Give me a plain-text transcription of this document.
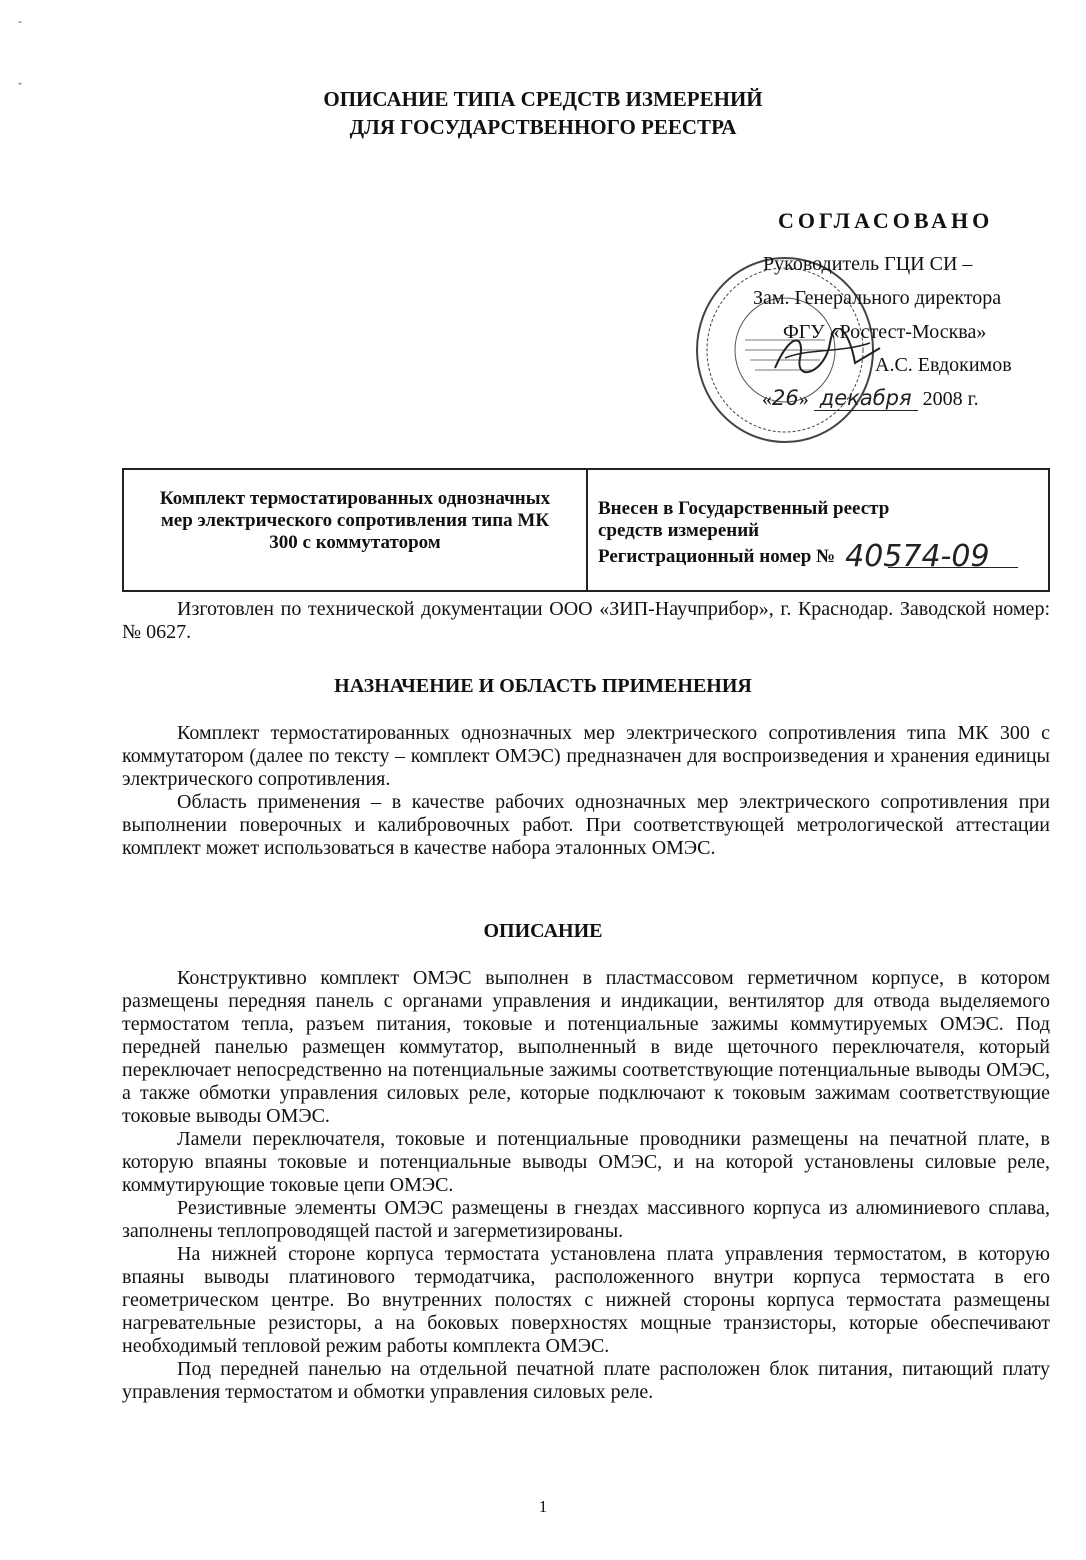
-
ˇ	ОПИСАНИЕ ТИПА СРЕДСТВ ИЗМЕРЕНИЙ
ДЛЯ ГОСУДАРСТВЕННОГО РЕЕСТРА
СОГЛАСОВАНО
Руководитель ГЦИ СИ –
Зам. Генерального директора
ФГУ «Ростест-Москва»
А.С. Евдокимов
«26» декабря 2008 г.
Комплект термостатированных однозначных мер электрического сопротивления типа МК 300 с коммутатором
Внесен в Государственный реестр
средств измерений
Регистрационный номер № 40574-09

Изготовлен по технической документации ООО «ЗИП-Научприбор», г. Краснодар. Заводской номер: № 0627.

НАЗНАЧЕНИЕ И ОБЛАСТЬ ПРИМЕНЕНИЯ

Комплект термостатированных однозначных мер электрического сопротивления типа МК 300 с коммутатором (далее по тексту – комплект ОМЭС) предназначен для воспроизведения и хранения единицы электрического сопротивления.

Область применения – в качестве рабочих однозначных мер электрического сопротивления при выполнении поверочных и калибровочных работ. При соответствующей метрологической аттестации комплект может использоваться в качестве набора эталонных ОМЭС.

ОПИСАНИЕ

Конструктивно комплект ОМЭС выполнен в пластмассовом герметичном корпусе, в котором размещены передняя панель с органами управления и индикации, вентилятор для отвода выделяемого термостатом тепла, разъем питания, токовые и потенциальные зажимы коммутируемых ОМЭС. Под передней панелью размещен коммутатор, выполненный в виде щеточного переключателя, который переключает непосредственно на потенциальные зажимы соответствующие потенциальные выводы ОМЭС, а также обмотки управления силовых реле, которые подключают к токовым зажимам соответствующие токовые выводы ОМЭС.

Ламели переключателя, токовые и потенциальные проводники размещены на печатной плате, в которую впаяны токовые и потенциальные выводы ОМЭС, и на которой установлены силовые реле, коммутирующие токовые цепи ОМЭС.

Резистивные элементы ОМЭС размещены в гнездах массивного корпуса из алюминиевого сплава, заполнены теплопроводящей пастой и загерметизированы.

На нижней стороне корпуса термостата установлена плата управления термостатом, в которую впаяны выводы платинового термодатчика, расположенного внутри корпуса термостата в его геометрическом центре. Во внутренних полостях с нижней стороны корпуса термостата размещены нагревательные резисторы, а на боковых поверхностях мощные транзисторы, которые обеспечивают необходимый тепловой режим работы комплекта ОМЭС.

Под передней панелью на отдельной печатной плате расположен блок питания, питающий плату управления термостатом и обмотки управления силовых реле.

1
